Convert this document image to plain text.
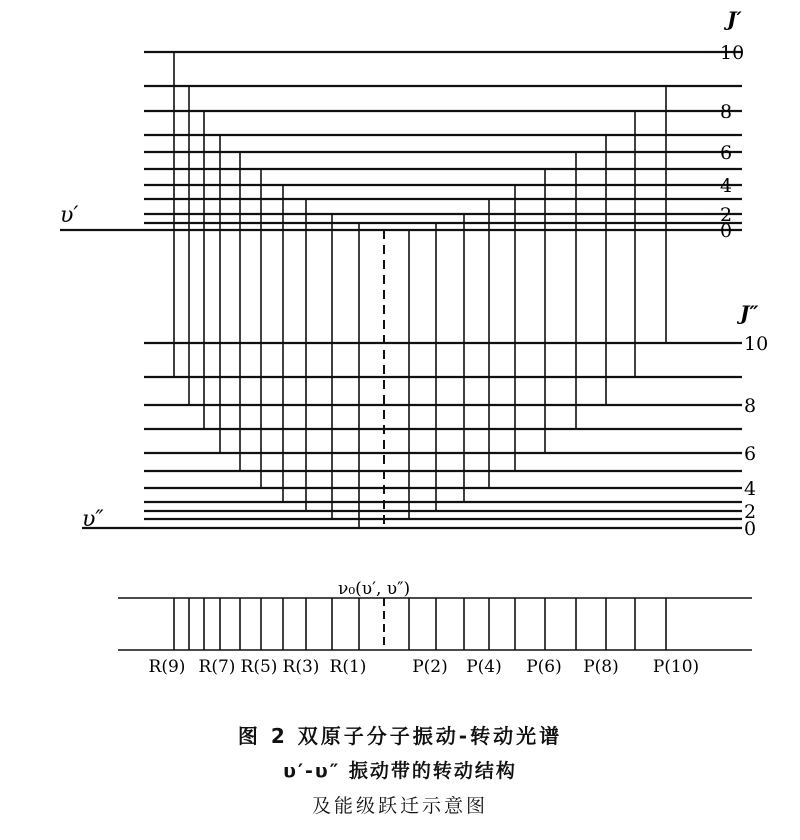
10
8
6
4
2
0
10
8
6
4
2
0
R(9) R(7) R(5) R(3) R(1)	P(2) P(4) P(6) P(8) P(10)
υ′
J′
υ″
J″
ν₀(υ′, υ″)
图 2 双原子分子振动-转动光谱
υ′-υ″ 振动带的转动结构
及能级跃迁示意图
